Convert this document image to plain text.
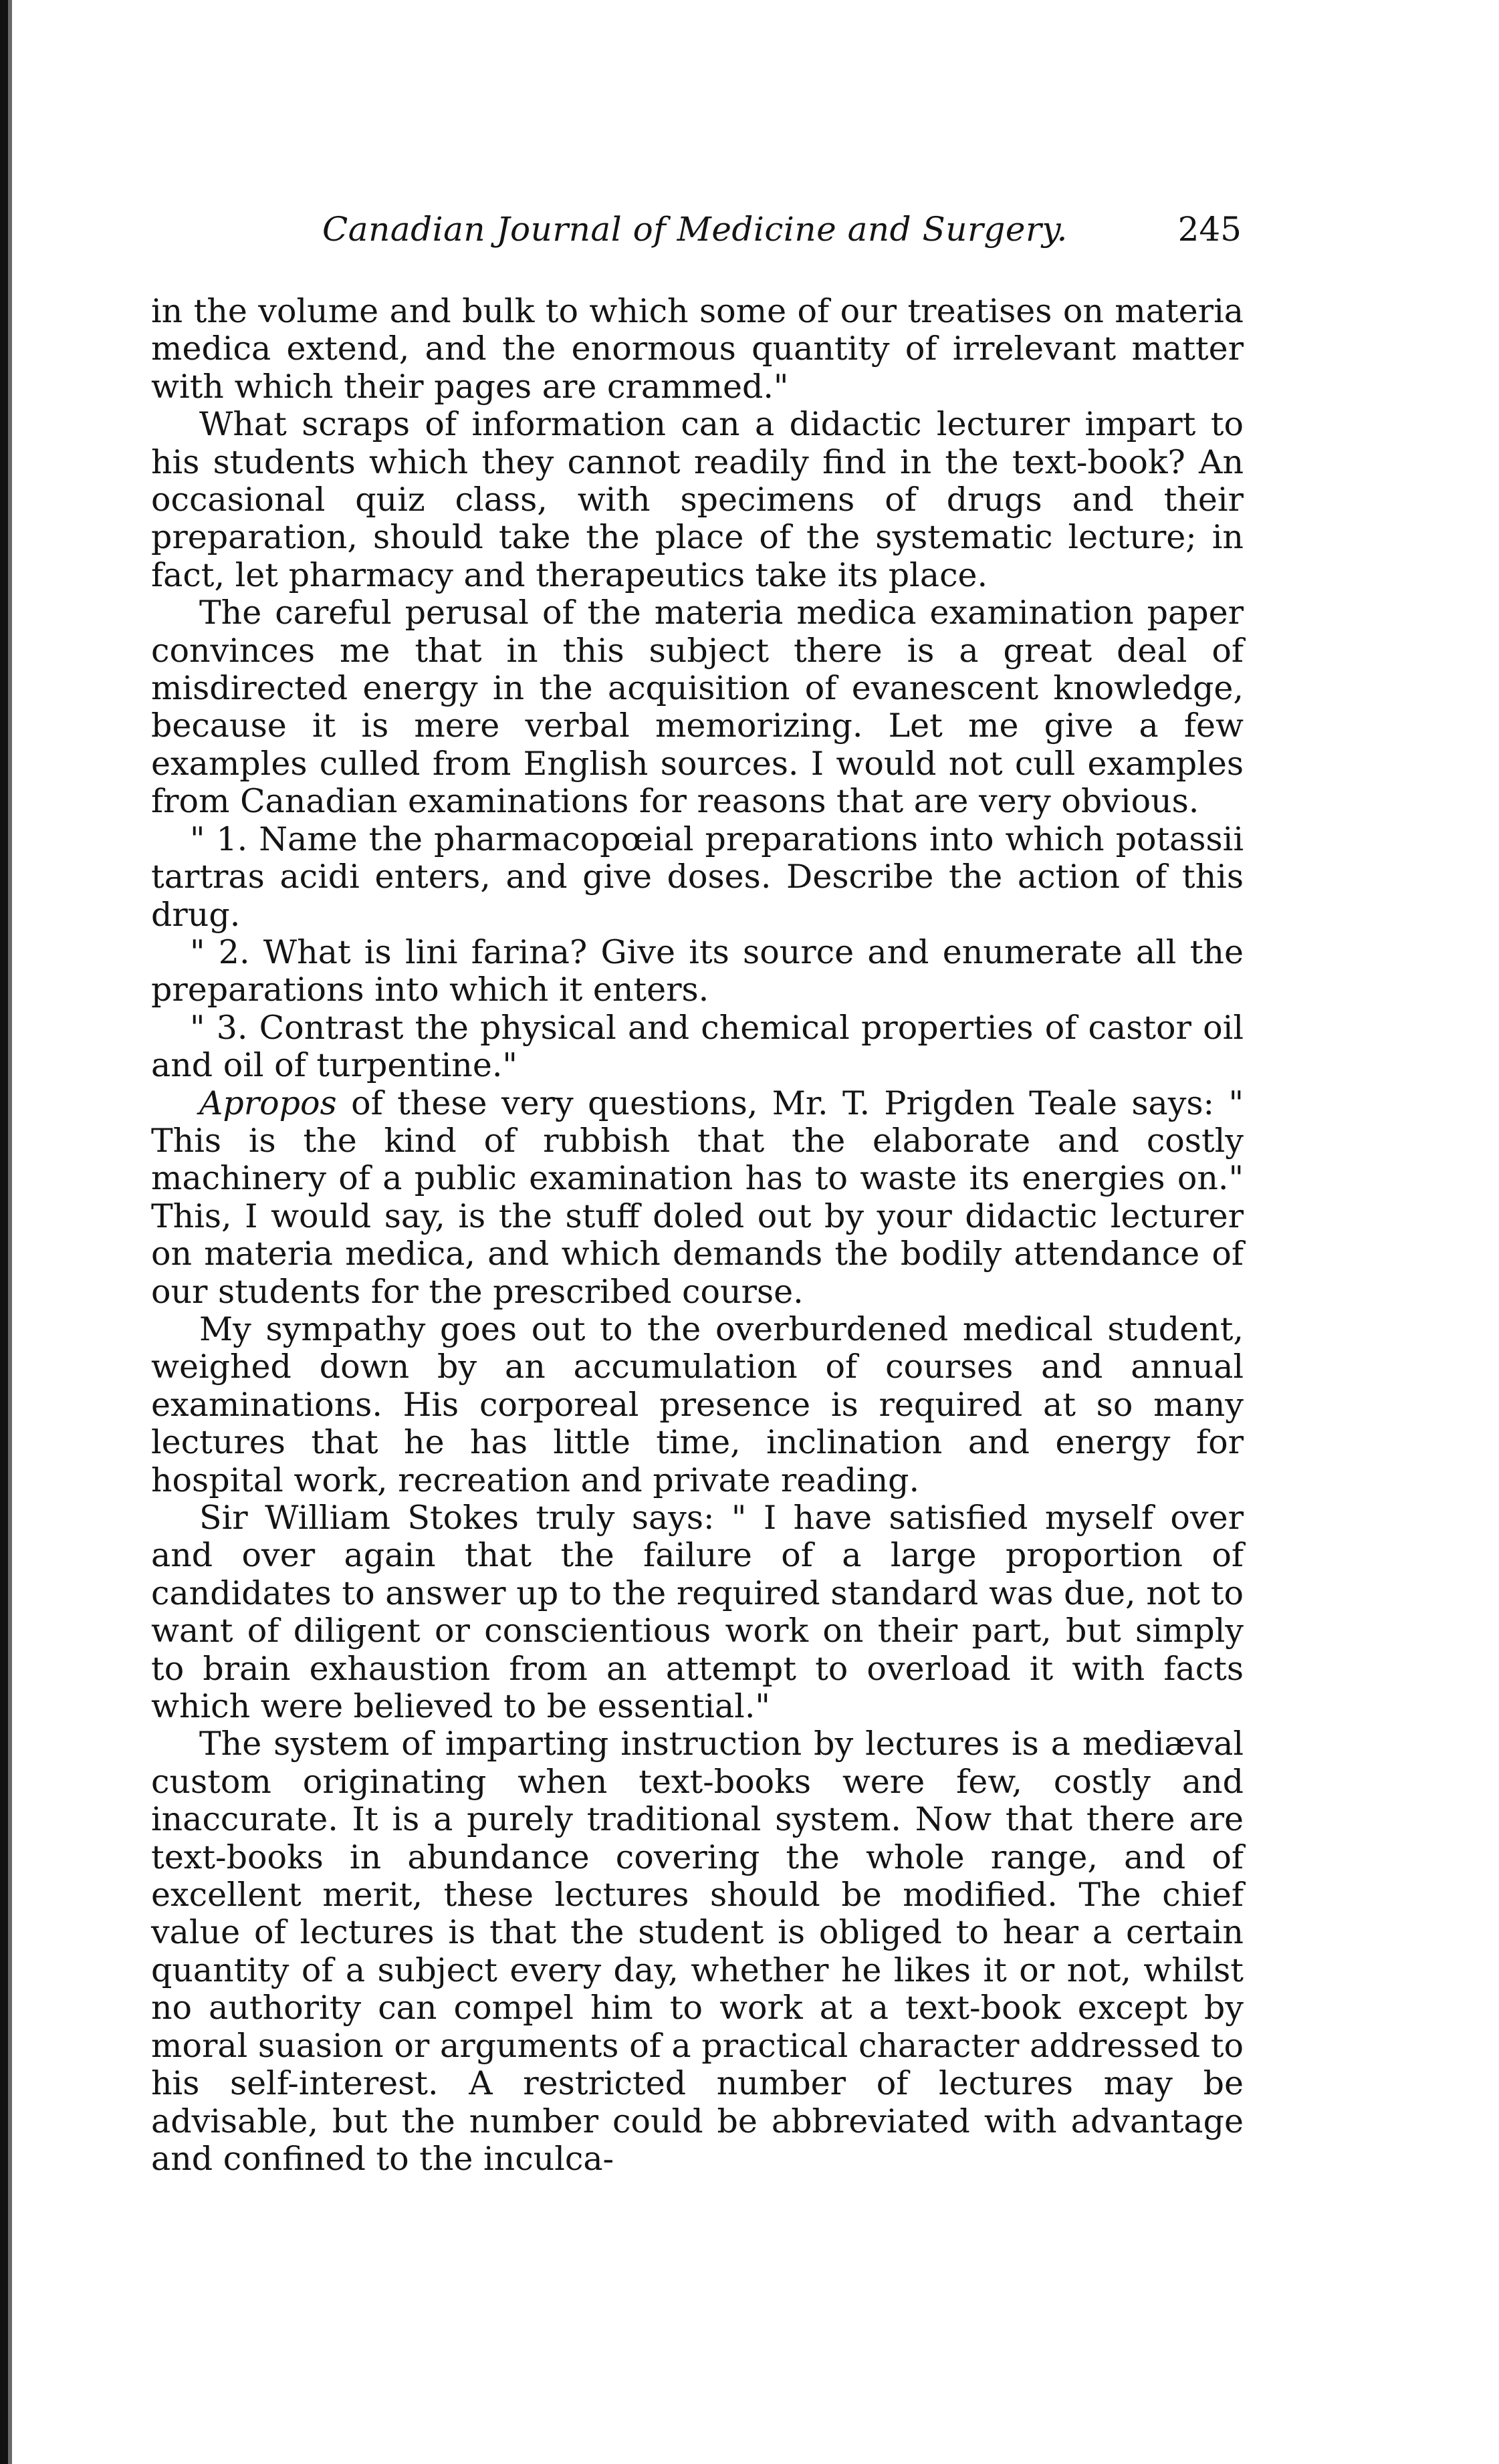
Canadian Journal of Medicine and Surgery.	245

in the volume and bulk to which some of our treatises on materia medica extend, and the enormous quantity of irrelevant matter with which their pages are crammed."

What scraps of information can a didactic lecturer impart to his students which they cannot readily find in the text-book? An occasional quiz class, with specimens of drugs and their preparation, should take the place of the systematic lecture; in fact, let pharmacy and therapeutics take its place.

The careful perusal of the materia medica examination paper convinces me that in this subject there is a great deal of misdirected energy in the acquisition of evanescent knowledge, because it is mere verbal memorizing. Let me give a few examples culled from English sources. I would not cull examples from Canadian examinations for reasons that are very obvious.

" 1. Name the pharmacopœial preparations into which potassii tartras acidi enters, and give doses. Describe the action of this drug.

" 2. What is lini farina? Give its source and enumerate all the preparations into which it enters.

" 3. Contrast the physical and chemical properties of castor oil and oil of turpentine."

Apropos of these very questions, Mr. T. Prigden Teale says: " This is the kind of rubbish that the elaborate and costly machinery of a public examination has to waste its energies on." This, I would say, is the stuff doled out by your didactic lecturer on materia medica, and which demands the bodily attendance of our students for the prescribed course.

My sympathy goes out to the overburdened medical student, weighed down by an accumulation of courses and annual examinations. His corporeal presence is required at so many lectures that he has little time, inclination and energy for hospital work, recreation and private reading.

Sir William Stokes truly says: " I have satisfied myself over and over again that the failure of a large proportion of candidates to answer up to the required standard was due, not to want of diligent or conscientious work on their part, but simply to brain exhaustion from an attempt to overload it with facts which were believed to be essential."

The system of imparting instruction by lectures is a mediæval custom originating when text-books were few, costly and inaccurate. It is a purely traditional system. Now that there are text-books in abundance covering the whole range, and of excellent merit, these lectures should be modified. The chief value of lectures is that the student is obliged to hear a certain quantity of a subject every day, whether he likes it or not, whilst no authority can compel him to work at a text-book except by moral suasion or arguments of a practical character addressed to his self-interest. A restricted number of lectures may be advisable, but the number could be abbreviated with advantage and confined to the inculca-
